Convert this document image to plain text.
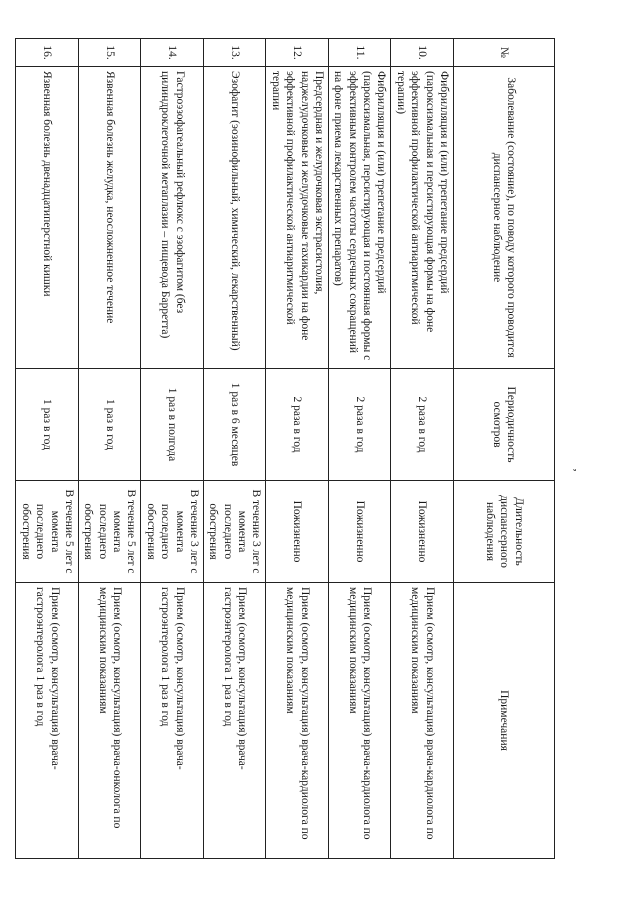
‚
№	Заболевание (состояние), по поводу которого проводится диспансерное наблюдение	Периодичность осмотров	Длительность диспансерного наблюдения	Примечания
10.	Фибрилляция и (или) трепетание предсердий (пароксизмальная и персистирующая формы на фоне эффективной профилактической антиаритмической терапии)	2 раза в год	Пожизненно	Прием (осмотр, консультация) врача-кардиолога по медицинским показаниям
11.	Фибрилляция и (или) трепетание предсердий (пароксизмальная, персистирующая и постоянная формы с эффективным контролем частоты сердечных сокращений на фоне приема лекарственных препаратов)	2 раза в год	Пожизненно	Прием (осмотр, консультация) врача-кардиолога по медицинским показаниям
12.	Предсердная и желудочковая экстрасистолия, наджелудочковые и желудочковые тахикардии на фоне эффективной профилактической антиаритмической терапии	2 раза в год	Пожизненно	Прием (осмотр, консультация) врача-кардиолога по медицинским показаниям
13.	Эзофагит (эозинофильный, химический, лекарственный)	1 раз в 6 месяцев	В течение 3 лет с момента последнего обострения	Прием (осмотр, консультация) врача-гастроэнтеролога 1 раз в год
14.	Гастроэзофагеальный рефлюкс с эзофагитом (без цилиндроклеточной метаплазии – пищевода Барретта)	1 раз в полгода	В течение 3 лет с момента последнего обострения	Прием (осмотр, консультация) врача-гастроэнтеролога 1 раз в год
15.	Язвенная болезнь желудка, неосложненное течение	1 раз в год	В течение 5 лет с момента последнего обострения	Прием (осмотр, консультация) врача-онколога по медицинским показаниям
16.	Язвенная болезнь двенадцатиперстной кишки	1 раз в год	В течение 5 лет с момента последнего обострения	Прием (осмотр, консультация) врача-гастроэнтеролога 1 раз в год
